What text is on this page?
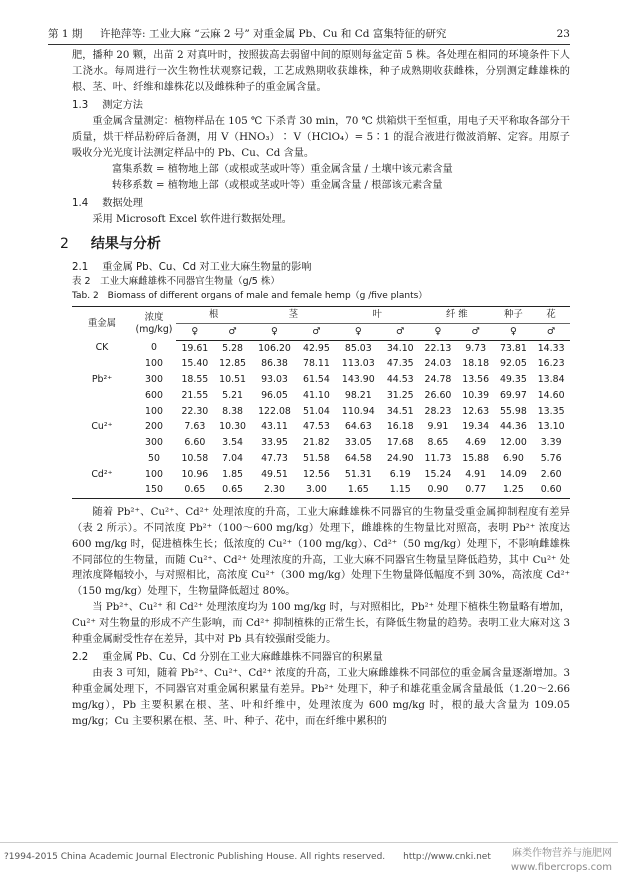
第 1 期	许艳萍等: 工业大麻 “云麻 2 号” 对重金属 Pb、Cu 和 Cd 富集特征的研究	23

肥，播种 20 颗，出苗 2 对真叶时，按照拔高去弱留中间的原则每盆定苗 5 株。各处理在相同的环境条件下人工浇水。每周进行一次生物性状观察记载，工艺成熟期收获雄株，种子成熟期收获雌株，分别测定雌雄株的根、茎、叶、纤维和雄株花以及雌株种子的重金属含量。

1.3 测定方法

重金属含量测定：植物样品在 105 ℃ 下杀青 30 min，70 ℃ 烘箱烘干至恒重，用电子天平称取各部分干质量，烘干样品粉碎后备测，用 V（HNO₃）∶ V（HClO₄）= 5∶1 的混合液进行微波消解、定容。用原子吸收分光光度计法测定样品中的 Pb、Cu、Cd 含量。

富集系数 = 植物地上部（或根或茎或叶等）重金属含量 / 土壤中该元素含量

转移系数 = 植物地上部（或根或茎或叶等）重金属含量 / 根部该元素含量

1.4 数据处理

采用 Microsoft Excel 软件进行数据处理。

2 结果与分析
2.1 重金属 Pb、Cu、Cd 对工业大麻生物量的影响
表 2　工业大麻雌雄株不同器官生物量（g/5 株）
Tab. 2　Biomass of different organs of male and female hemp（g /five plants）
重金属	浓度 (mg/kg)	根		茎		叶		纤 维		种子	花
		♀	♂	♀	♂	♀	♂	♀	♂	♀	♂
CK	0	19.61	5.28	106.20	42.95	85.03	34.10	22.13	9.73	73.81	14.33
	100	15.40	12.85	86.38	78.11	113.03	47.35	24.03	18.18	92.05	16.23
Pb²⁺	300	18.55	10.51	93.03	61.54	143.90	44.53	24.78	13.56	49.35	13.84
	600	21.55	5.21	96.05	41.10	98.21	31.25	26.60	10.39	69.97	14.60
	100	22.30	8.38	122.08	51.04	110.94	34.51	28.23	12.63	55.98	13.35
Cu²⁺	200	7.63	10.30	43.11	47.53	64.63	16.18	9.91	19.34	44.36	13.10
	300	6.60	3.54	33.95	21.82	33.05	17.68	8.65	4.69	12.00	3.39
	50	10.58	7.04	47.73	51.58	64.58	24.90	11.73	15.88	6.90	5.76
Cd²⁺	100	10.96	1.85	49.51	12.56	51.31	6.19	15.24	4.91	14.09	2.60
	150	0.65	0.65	2.30	3.00	1.65	1.15	0.90	0.77	1.25	0.60

随着 Pb²⁺、Cu²⁺、Cd²⁺ 处理浓度的升高，工业大麻雌雄株不同器官的生物量受重金属抑制程度有差异（表 2 所示）。不同浓度 Pb²⁺（100～600 mg/kg）处理下，雌雄株的生物量比对照高，表明 Pb²⁺ 浓度达 600 mg/kg 时，促进植株生长；低浓度的 Cu²⁺（100 mg/kg）、Cd²⁺（50 mg/kg）处理下，不影响雌雄株不同部位的生物量，而随 Cu²⁺、Cd²⁺ 处理浓度的升高，工业大麻不同器官生物量呈降低趋势，其中 Cu²⁺ 处理浓度降幅较小，与对照相比，高浓度 Cu²⁺（300 mg/kg）处理下生物量降低幅度不到 30%，高浓度 Cd²⁺（150 mg/kg）处理下，生物量降低超过 80%。

当 Pb²⁺、Cu²⁺ 和 Cd²⁺ 处理浓度均为 100 mg/kg 时，与对照相比，Pb²⁺ 处理下植株生物量略有增加，Cu²⁺ 对生物量的形成不产生影响，而 Cd²⁺ 抑制植株的正常生长，有降低生物量的趋势。表明工业大麻对这 3 种重金属耐受性存在差异，其中对 Pb 具有较强耐受能力。

2.2 重金属 Pb、Cu、Cd 分别在工业大麻雌雄株不同器官的积累量

由表 3 可知，随着 Pb²⁺、Cu²⁺、Cd²⁺ 浓度的升高，工业大麻雌雄株不同部位的重金属含量逐渐增加。3 种重金属处理下，不同器官对重金属积累量有差异。Pb²⁺ 处理下，种子和雄花重金属含量最低（1.20～2.66 mg/kg），Pb 主要积累在根、茎、叶和纤维中，处理浓度为 600 mg/kg 时，根的最大含量为 109.05 mg/kg；Cu 主要积累在根、茎、叶、种子、花中，而在纤维中累积的

?1994-2015 China Academic Journal Electronic Publishing House. All rights reserved.　　http://www.cnki.net 麻类作物营养与施肥网
www.fibercrops.com
